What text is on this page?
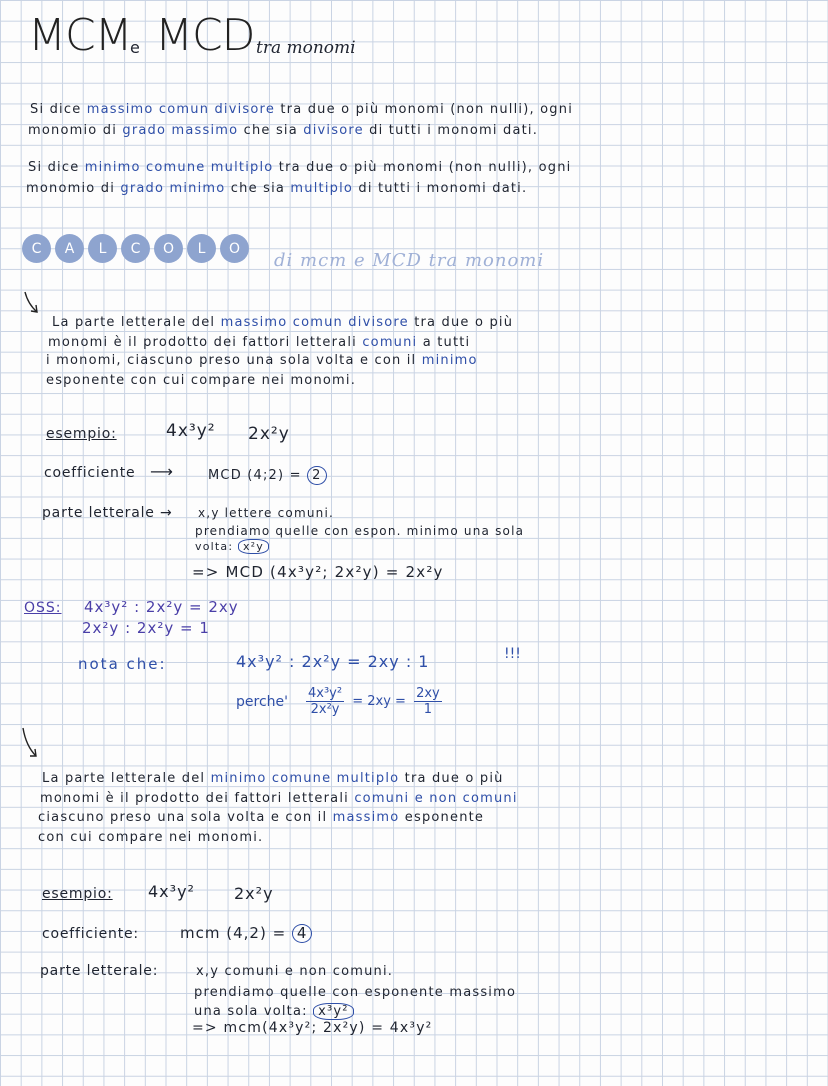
MCM
e MCD tra monomi
Si dice massimo comun divisore tra due o più monomi (non nulli), ogni
monomio di grado massimo che sia divisore di tutti i monomi dati.
Si dice minimo comune multiplo tra due o più monomi (non nulli), ogni
monomio di grado minimo che sia multiplo di tutti i monomi dati.
C	A	L	C	O	L	O
di mcm e MCD tra monomi
La parte letterale del massimo comun divisore tra due o più
monomi è il prodotto dei fattori letterali comuni a tutti
i monomi, ciascuno preso una sola volta e con il minimo
esponente con cui compare nei monomi.
esempio:	4x³y² 2x²y
coefficiente ⟶	MCD (4;2) = 2
parte letterale → x,y lettere comuni.
prendiamo quelle con espon. minimo una sola
volta: x²y
=> MCD (4x³y²; 2x²y) = 2x²y
OSS: 4x³y² : 2x²y = 2xy
2x²y : 2x²y = 1
nota che:	4x³y² : 2x²y = 2xy : 1	!!!
perche' $\frac{\text{4x³y²}}{\text{2x²y}} = 2xy = \frac{2xy}{1}$
La parte letterale del minimo comune multiplo tra due o più
monomi è il prodotto dei fattori letterali comuni e non comuni
ciascuno preso una sola volta e con il massimo esponente
con cui compare nei monomi.
esempio: 4x³y² 2x²y
coefficiente:	mcm (4,2) = 4
parte letterale:	x,y comuni e non comuni.
prendiamo quelle con esponente massimo
una sola volta: x³y²
=> mcm(4x³y²; 2x²y) = 4x³y²
